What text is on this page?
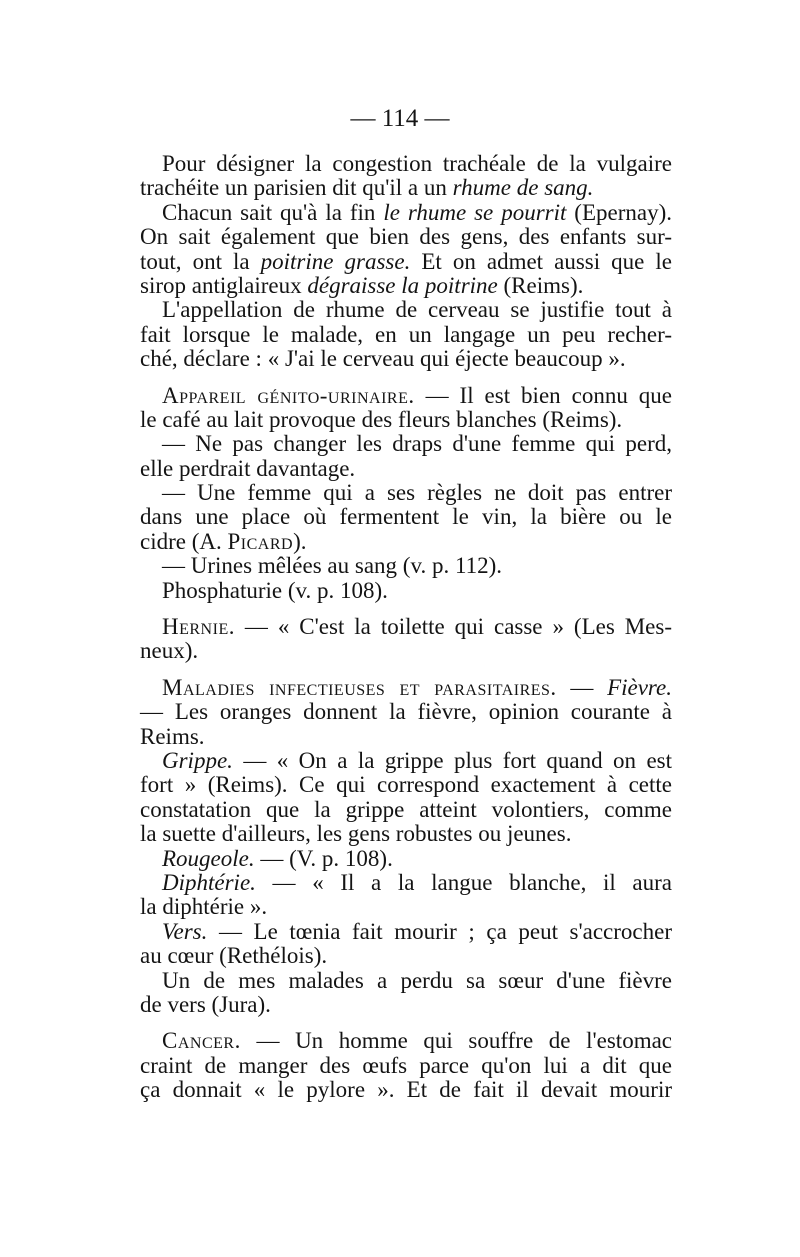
— 114 —
Pour désigner la congestion trachéale de la vulgaire
trachéite un parisien dit qu'il a un rhume de sang.
Chacun sait qu'à la fin le rhume se pourrit (Epernay).
On sait également que bien des gens, des enfants sur-
tout, ont la poitrine grasse. Et on admet aussi que le
sirop antiglaireux dégraisse la poitrine (Reims).
L'appellation de rhume de cerveau se justifie tout à
fait lorsque le malade, en un langage un peu recher-
ché, déclare : « J'ai le cerveau qui éjecte beaucoup ».
Appareil génito-urinaire. — Il est bien connu que
le café au lait provoque des fleurs blanches (Reims).
— Ne pas changer les draps d'une femme qui perd,
elle perdrait davantage.
— Une femme qui a ses règles ne doit pas entrer
dans une place où fermentent le vin, la bière ou le
cidre (A. Picard).
— Urines mêlées au sang (v. p. 112).
Phosphaturie (v. p. 108).
Hernie. — « C'est la toilette qui casse » (Les Mes-
neux).
Maladies infectieuses et parasitaires. — Fièvre.
— Les oranges donnent la fièvre, opinion courante à
Reims.
Grippe. — « On a la grippe plus fort quand on est
fort » (Reims). Ce qui correspond exactement à cette
constatation que la grippe atteint volontiers, comme
la suette d'ailleurs, les gens robustes ou jeunes.
Rougeole. — (V. p. 108).
Diphtérie. — « Il a la langue blanche, il aura
la diphtérie ».
Vers. — Le tœnia fait mourir ; ça peut s'accrocher
au cœur (Rethélois).
Un de mes malades a perdu sa sœur d'une fièvre
de vers (Jura).
Cancer. — Un homme qui souffre de l'estomac
craint de manger des œufs parce qu'on lui a dit que
ça donnait « le pylore ». Et de fait il devait mourir
